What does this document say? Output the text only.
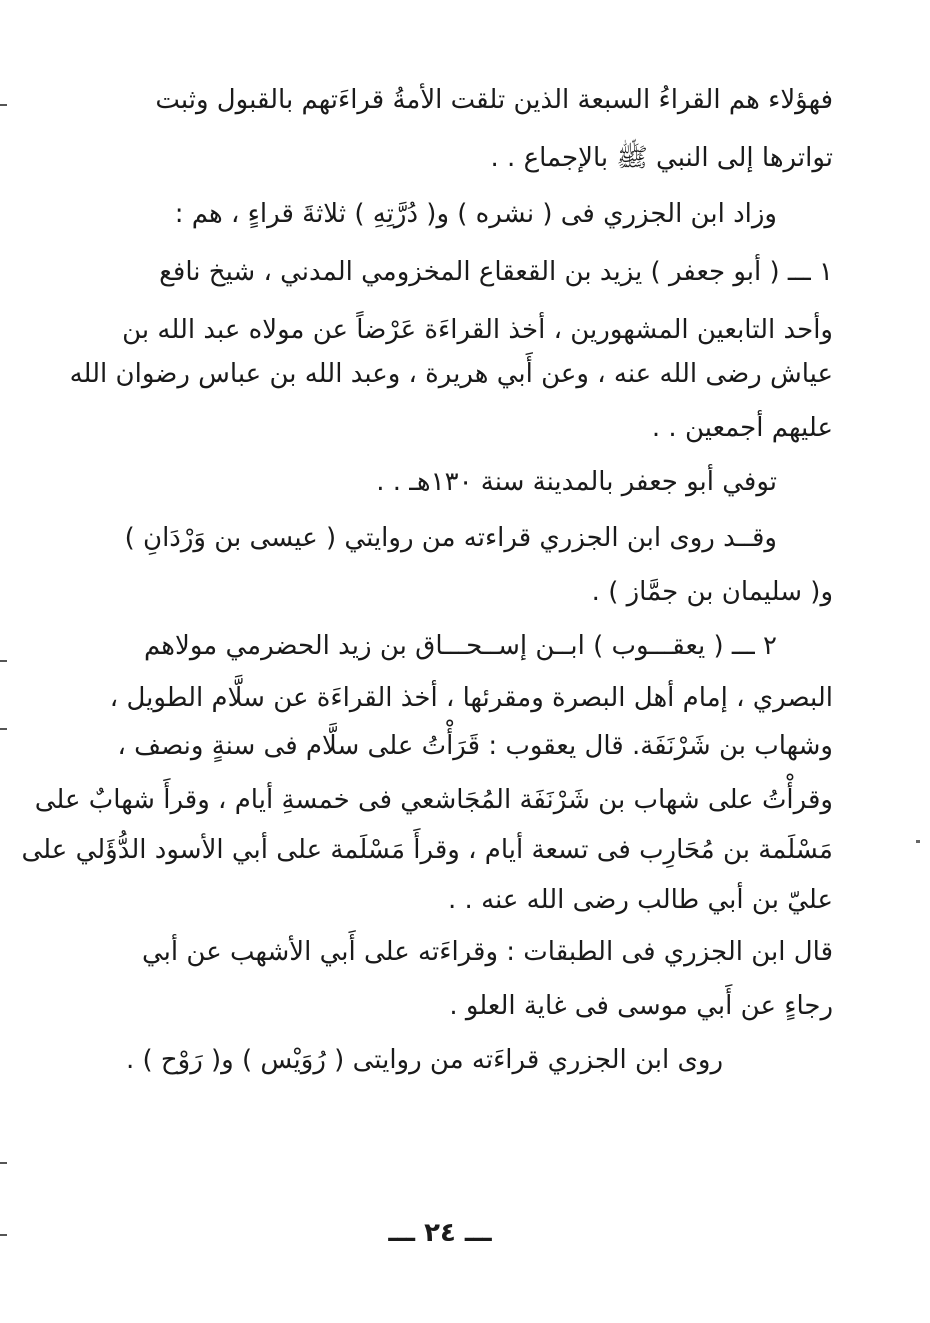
فهؤلاء هم القراءُ السبعة الذين تلقت الأمةُ قراءَتهم بالقبول وثبت
تواترها إلى النبي ﷺ بالإجماع . .
وزاد ابن الجزري فى ( نشره ) و( دُرَّتِهِ ) ثلاثةَ قراءٍ ، هم :
١ ـــ ( أبو جعفر ) يزيد بن القعقاع المخزومي المدني ، شيخ نافع
وأحد التابعين المشهورين ، أخذ القراءَة عَرْضاً عن مولاه عبد الله بن
عياش رضى الله عنه ، وعن أَبي هريرة ، وعبد الله بن عباس رضوان الله
عليهم أجمعين . .
توفي أبو جعفر بالمدينة سنة ١٣٠هـ . .
وقــد روى ابن الجزري قراءته من روايتي ( عيسى بن وَرْدَانِ )
و( سليمان بن جمَّاز ) .
٢ ـــ ( يعقـــوب ) ابــن إســحـــاق بن زيد الحضرمي مولاهم
البصري ، إمام أهل البصرة ومقرئها ، أخذ القراءَة عن سلَّام الطويل ،
وشهاب بن شَرْنَفَة. قال يعقوب : قَرَأْتُ على سلَّام فى سنةٍ ونصف ،
وقرأْتُ على شهاب بن شَرْنَفَة المُجَاشعي فى خمسةِ أيام ، وقرأَ شهابٌ على
مَسْلَمة بن مُحَارِب فى تسعة أيام ، وقرأَ مَسْلَمة على أبي الأسود الدُّؤَلي على
عليّ بن أبي طالب رضى الله عنه . .
قال ابن الجزري فى الطبقات : وقراءَته على أَبي الأشهب عن أبي
رجاءٍ عن أَبي موسى فى غاية العلو .
روى ابن الجزري قراءَته من روايتى ( رُوَيْس ) و( رَوْح ) .
ـــ ٢٤ ـــ
